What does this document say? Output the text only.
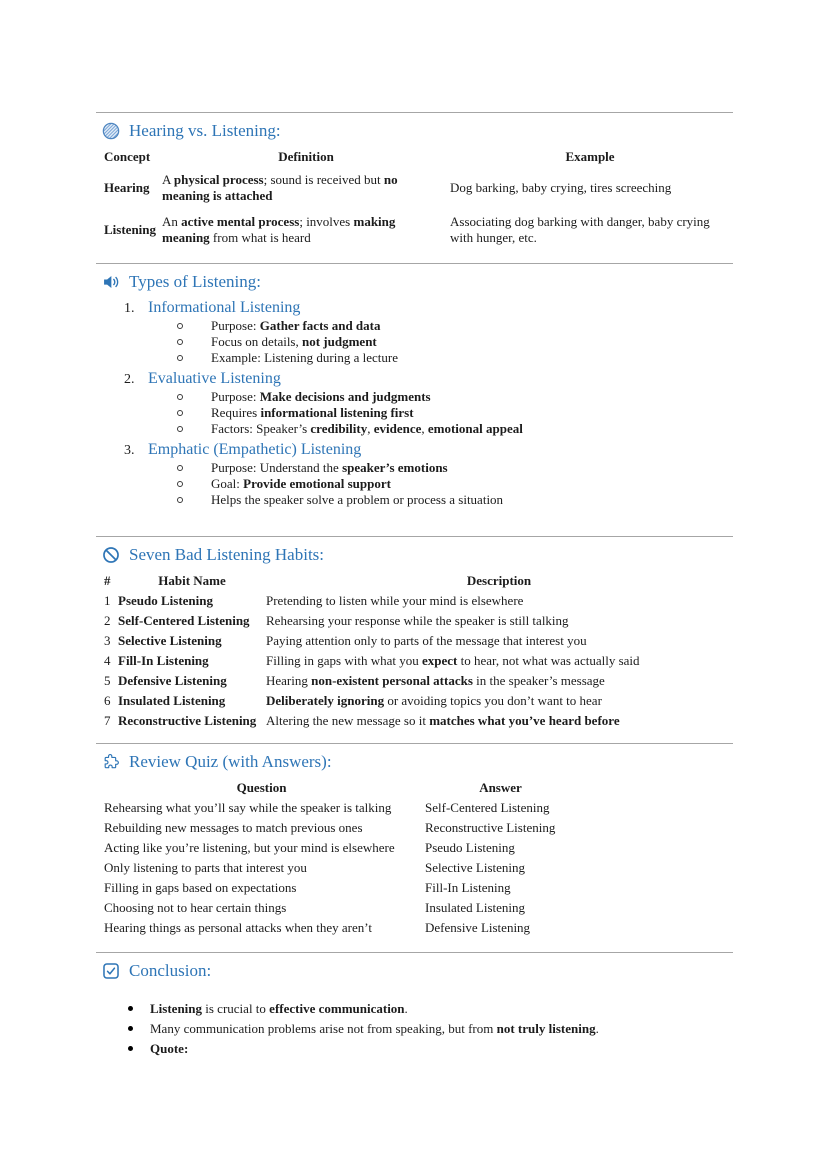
Hearing vs. Listening:
Concept	Definition	Example
Hearing	A physical process; sound is received but no meaning is attached	Dog barking, baby crying, tires screeching
Listening	An active mental process; involves making meaning from what is heard	Associating dog barking with danger, baby crying with hunger, etc.
Types of Listening:
1. Informational Listening
Purpose: Gather facts and data
Focus on details, not judgment
Example: Listening during a lecture
2. Evaluative Listening
Purpose: Make decisions and judgments
Requires informational listening first
Factors: Speaker’s credibility, evidence, emotional appeal
3. Emphatic (Empathetic) Listening
Purpose: Understand the speaker’s emotions
Goal: Provide emotional support
Helps the speaker solve a problem or process a situation
Seven Bad Listening Habits:
#	Habit Name	Description
1	Pseudo Listening	Pretending to listen while your mind is elsewhere
2	Self-Centered Listening	Rehearsing your response while the speaker is still talking
3	Selective Listening	Paying attention only to parts of the message that interest you
4	Fill-In Listening	Filling in gaps with what you expect to hear, not what was actually said
5	Defensive Listening	Hearing non-existent personal attacks in the speaker’s message
6	Insulated Listening	Deliberately ignoring or avoiding topics you don’t want to hear
7	Reconstructive Listening	Altering the new message so it matches what you’ve heard before
Review Quiz (with Answers):
Question	Answer
Rehearsing what you’ll say while the speaker is talking	Self-Centered Listening
Rebuilding new messages to match previous ones	Reconstructive Listening
Acting like you’re listening, but your mind is elsewhere	Pseudo Listening
Only listening to parts that interest you	Selective Listening
Filling in gaps based on expectations	Fill-In Listening
Choosing not to hear certain things	Insulated Listening
Hearing things as personal attacks when they aren’t	Defensive Listening
Conclusion:
Listening is crucial to effective communication.
Many communication problems arise not from speaking, but from not truly listening.
Quote:
